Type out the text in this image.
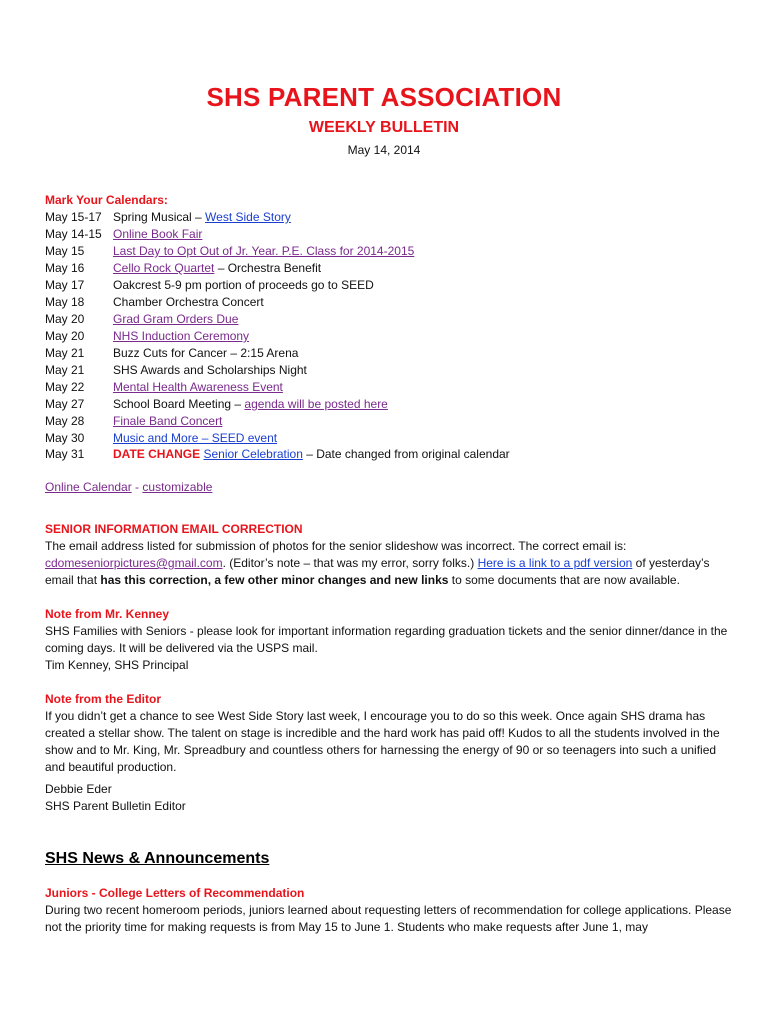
SHS PARENT ASSOCIATION
WEEKLY BULLETIN
May 14, 2014
Mark Your Calendars:
May 15-17 Spring Musical – West Side Story
May 14-15 Online Book Fair
May 15	Last Day to Opt Out of Jr. Year. P.E. Class for 2014-2015
May 16	Cello Rock Quartet – Orchestra Benefit
May 17	Oakcrest 5-9 pm portion of proceeds go to SEED
May 18	Chamber Orchestra Concert
May 20	Grad Gram Orders Due
May 20	NHS Induction Ceremony
May 21	Buzz Cuts for Cancer – 2:15 Arena
May 21	SHS Awards and Scholarships Night
May 22	Mental Health Awareness Event
May 27	School Board Meeting – agenda will be posted here
May 28	Finale Band Concert
May 30	Music and More – SEED event
May 31	DATE CHANGE Senior Celebration – Date changed from original calendar
Online Calendar - customizable
SENIOR INFORMATION EMAIL CORRECTION

The email address listed for submission of photos for the senior slideshow was incorrect. The correct email is: cdomeseniorpictures@gmail.com. (Editor’s note – that was my error, sorry folks.) Here is a link to a pdf version of yesterday’s email that has this correction, a few other minor changes and new links to some documents that are now available.

Note from Mr. Kenney

SHS Families with Seniors - please look for important information regarding graduation tickets and the senior dinner/dance in the coming days. It will be delivered via the USPS mail.

Tim Kenney, SHS Principal

Note from the Editor

If you didn’t get a chance to see West Side Story last week, I encourage you to do so this week. Once again SHS drama has created a stellar show. The talent on stage is incredible and the hard work has paid off! Kudos to all the students involved in the show and to Mr. King, Mr. Spreadbury and countless others for harnessing the energy of 90 or so teenagers into such a unified and beautiful production.

Debbie Eder

SHS Parent Bulletin Editor

SHS News & Announcements
Juniors - College Letters of Recommendation

During two recent homeroom periods, juniors learned about requesting letters of recommendation for college applications. Please not the priority time for making requests is from May 15 to June 1. Students who make requests after June 1, may
